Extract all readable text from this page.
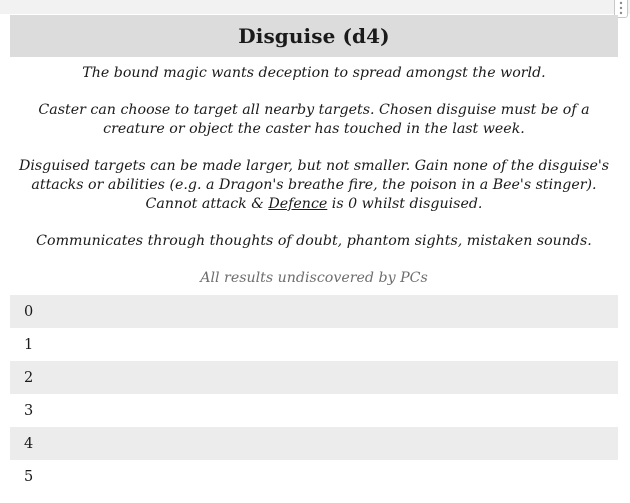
Disguise (d4)

The bound magic wants deception to spread amongst the world.

Caster can choose to target all nearby targets. Chosen disguise must be of a creature or object the caster has touched in the last week.

Disguised targets can be made larger, but not smaller. Gain none of the disguise's attacks or abilities (e.g. a Dragon's breathe fire, the poison in a Bee's stinger). Cannot attack & Defence is 0 whilst disguised.

Communicates through thoughts of doubt, phantom sights, mistaken sounds.

All results undiscovered by PCs
0
1
2
3
4
5
